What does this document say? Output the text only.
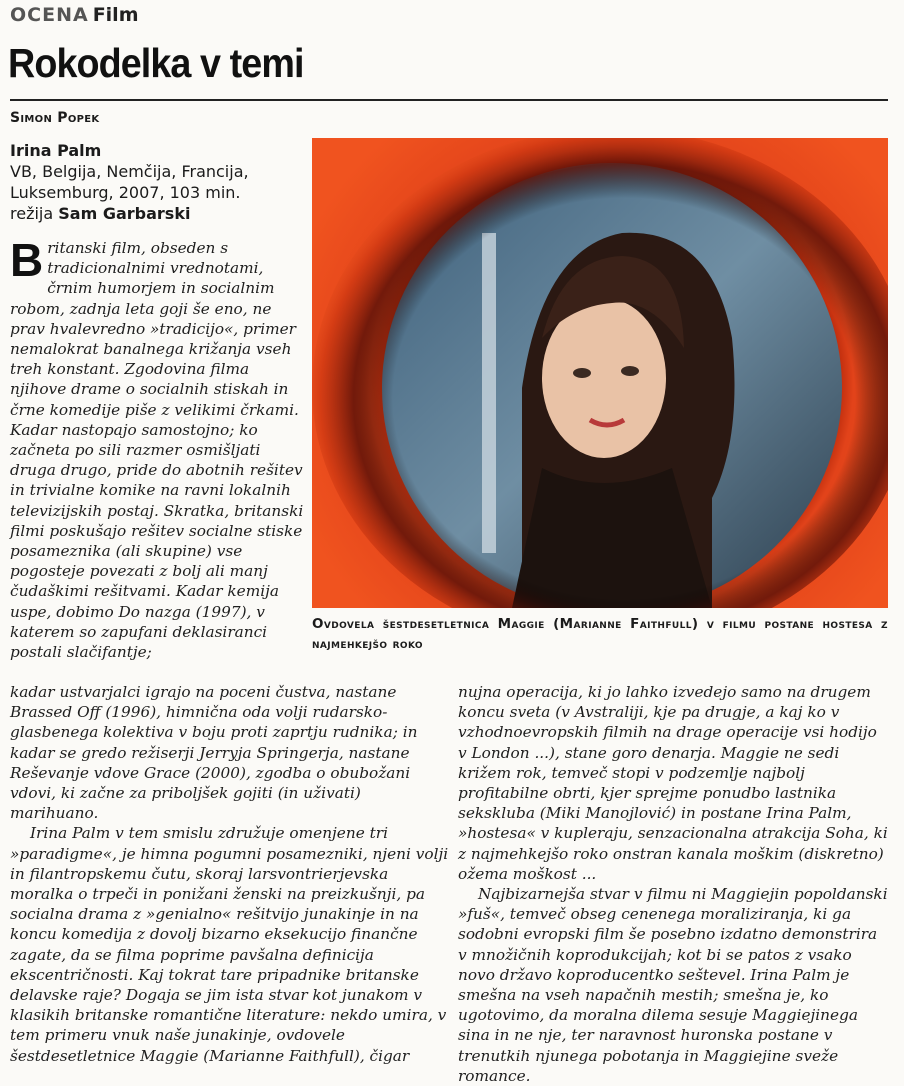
OCENA Film
Rokodelka v temi
Simon Popek
Irina Palm
VB, Belgija, Nemčija, Francija, Luksemburg, 2007, 103 min.
režija Sam Garbarski
Ovdovela šestdesetletnica Maggie (Marianne Faithfull) v filmu postane hostesa z najmehkejšo roko

Britanski film, obseden s tradicionalnimi vrednotami, črnim humorjem in socialnim robom, zadnja leta goji še eno, ne prav hvalevredno »tradicijo«, primer nemalokrat banalnega križanja vseh treh konstant. Zgodovina filma njihove drame o socialnih stiskah in črne komedije piše z velikimi črkami. Kadar nastopajo samostojno; ko začneta po sili razmer osmišljati druga drugo, pride do abotnih rešitev in trivialne komike na ravni lokalnih televizijskih postaj. Skratka, britanski filmi poskušajo rešitev socialne stiske posameznika (ali skupine) vse pogosteje povezati z bolj ali manj čudaškimi rešitvami. Kadar kemija uspe, dobimo Do nazga (1997), v katerem so zapufani deklasiranci postali slačifantje;

kadar ustvarjalci igrajo na poceni čustva, nastane Brassed Off (1996), himnična oda volji rudarsko-glasbenega kolektiva v boju proti zaprtju rudnika; in kadar se gredo režiserji Jerryja Springerja, nastane Reševanje vdove Grace (2000), zgodba o obubožani vdovi, ki začne za priboljšek gojiti (in uživati) marihuano.

Irina Palm v tem smislu združuje omenjene tri »paradigme«, je himna pogumni posamezniki, njeni volji in filantropskemu čutu, skoraj larsvontrierjevska moralka o trpeči in ponižani ženski na preizkušnji, pa socialna drama z »genialno« rešitvijo junakinje in na koncu komedija z dovolj bizarno eksekucijo finančne zagate, da se filma poprime pavšalna definicija ekscentričnosti. Kaj tokrat tare pripadnike britanske delavske raje? Dogaja se jim ista stvar kot junakom v klasikih britanske romantične literature: nekdo umira, v tem primeru vnuk naše junakinje, ovdovele šestdesetletnice Maggie (Marianne Faithfull), čigar

nujna operacija, ki jo lahko izvedejo samo na drugem koncu sveta (v Avstraliji, kje pa drugje, a kaj ko v vzhodnoevropskih filmih na drage operacije vsi hodijo v London ...), stane goro denarja. Maggie ne sedi križem rok, temveč stopi v podzemlje najbolj profitabilne obrti, kjer sprejme ponudbo lastnika sekskluba (Miki Manojlović) in postane Irina Palm, »hostesa« v kupleraju, senzacionalna atrakcija Soha, ki z najmehkejšo roko onstran kanala moškim (diskretno) ožema moškost ...

Najbizarnejša stvar v filmu ni Maggiejin popoldanski »fuš«, temveč obseg cenenega moraliziranja, ki ga sodobni evropski film še posebno izdatno demonstrira v množičnih koprodukcijah; kot bi se patos z vsako novo državo koproducentko seštevel. Irina Palm je smešna na vseh napačnih mestih; smešna je, ko ugotovimo, da moralna dilema sesuje Maggiejinega sina in ne nje, ter naravnost huronska postane v trenutkih njunega pobotanja in Maggiejine sveže romance.
